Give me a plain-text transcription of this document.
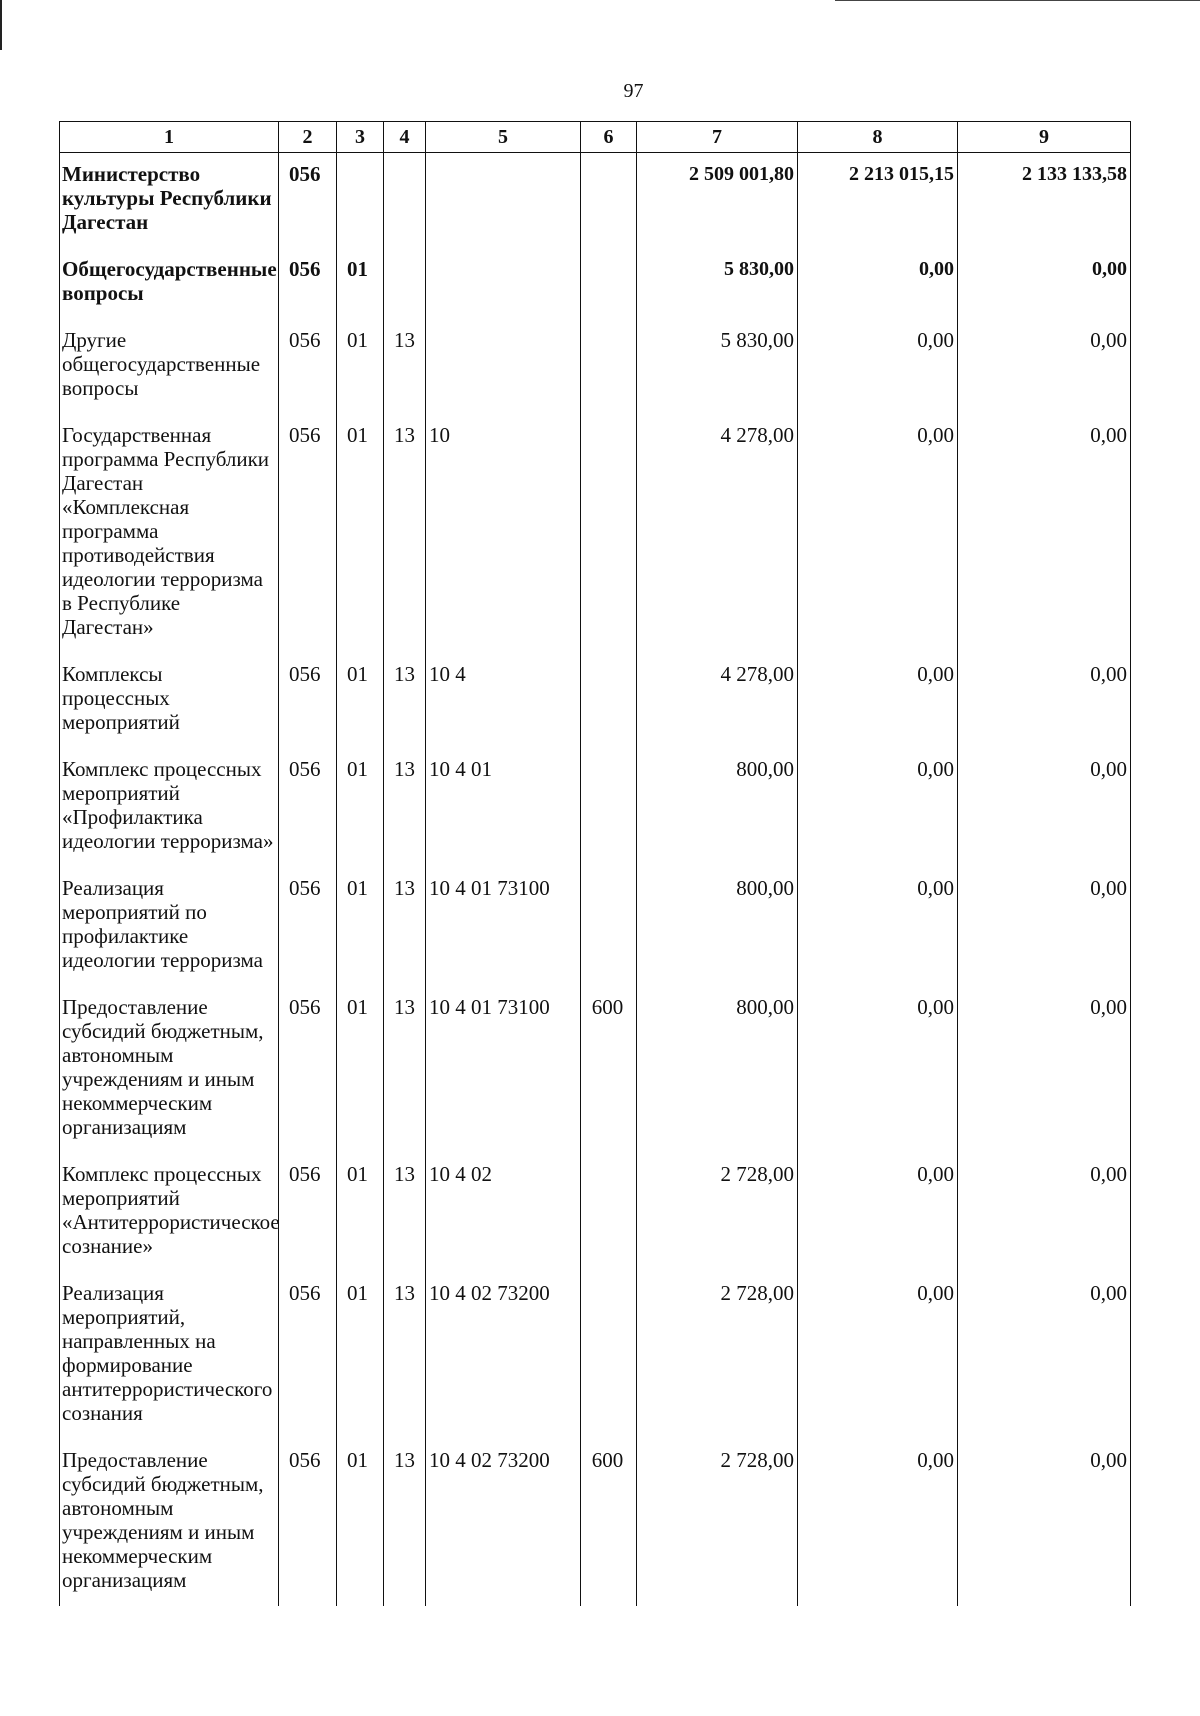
97
1	2	3	4	5	6	7	8	9
Министерство культуры Республики Дагестан	056					2 509 001,80	2 213 015,15	2 133 133,58
Общегосударственные вопросы	056	01				5 830,00	0,00	0,00
Другие общегосударственные вопросы	056	01	13			5 830,00	0,00	0,00
Государственная программа Республики Дагестан «Комплексная программа противодействия идеологии терроризма в Республике Дагестан»	056	01	13	10		4 278,00	0,00	0,00
Комплексы процессных мероприятий	056	01	13	10 4		4 278,00	0,00	0,00
Комплекс процессных мероприятий «Профилактика идеологии терроризма»	056	01	13	10 4 01		800,00	0,00	0,00
Реализация мероприятий по профилактике идеологии терроризма	056	01	13	10 4 01 73100		800,00	0,00	0,00
Предоставление субсидий бюджетным, автономным учреждениям и иным некоммерческим организациям	056	01	13	10 4 01 73100	600	800,00	0,00	0,00
Комплекс процессных мероприятий «Антитеррористическое сознание»	056	01	13	10 4 02		2 728,00	0,00	0,00
Реализация мероприятий, направленных на формирование антитеррористического сознания	056	01	13	10 4 02 73200		2 728,00	0,00	0,00
Предоставление субсидий бюджетным, автономным учреждениям и иным некоммерческим организациям	056	01	13	10 4 02 73200	600	2 728,00	0,00	0,00
